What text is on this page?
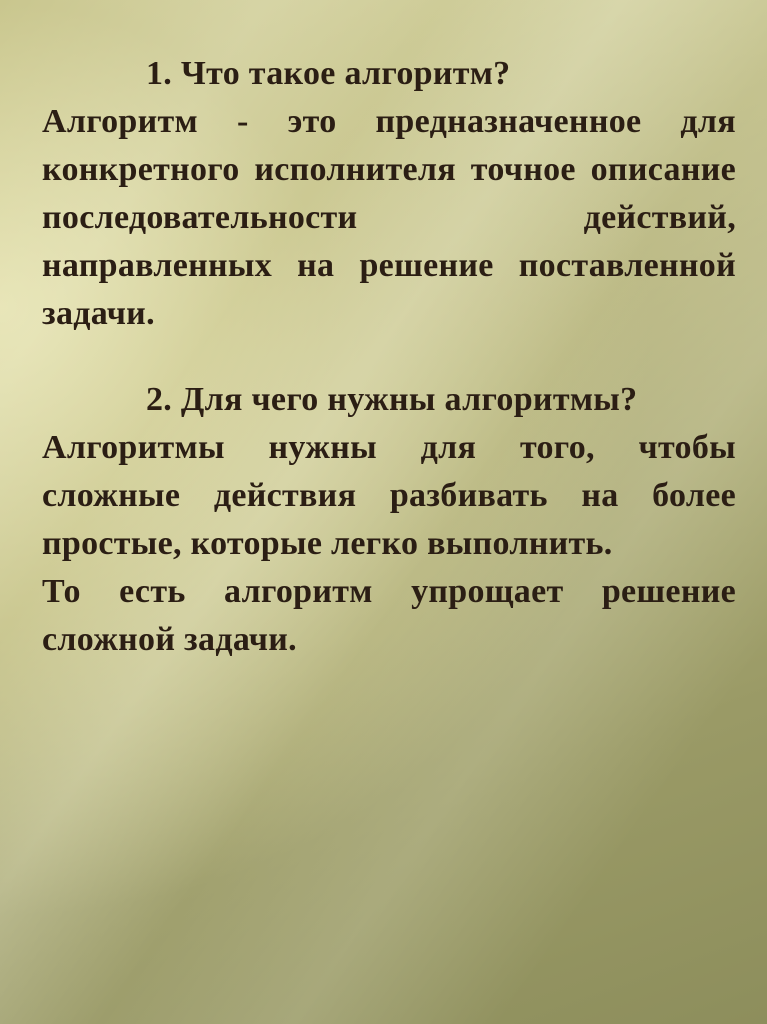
1. Что такое алгоритм?

Алгоритм - это предназначенное для конкретного исполнителя точное описание последовательности действий, направленных на решение поставленной задачи.

2. Для чего нужны алгоритмы?

Алгоритмы нужны для того, чтобы сложные действия разбивать на более простые, которые легко выполнить.

То есть алгоритм упрощает решение сложной задачи.
